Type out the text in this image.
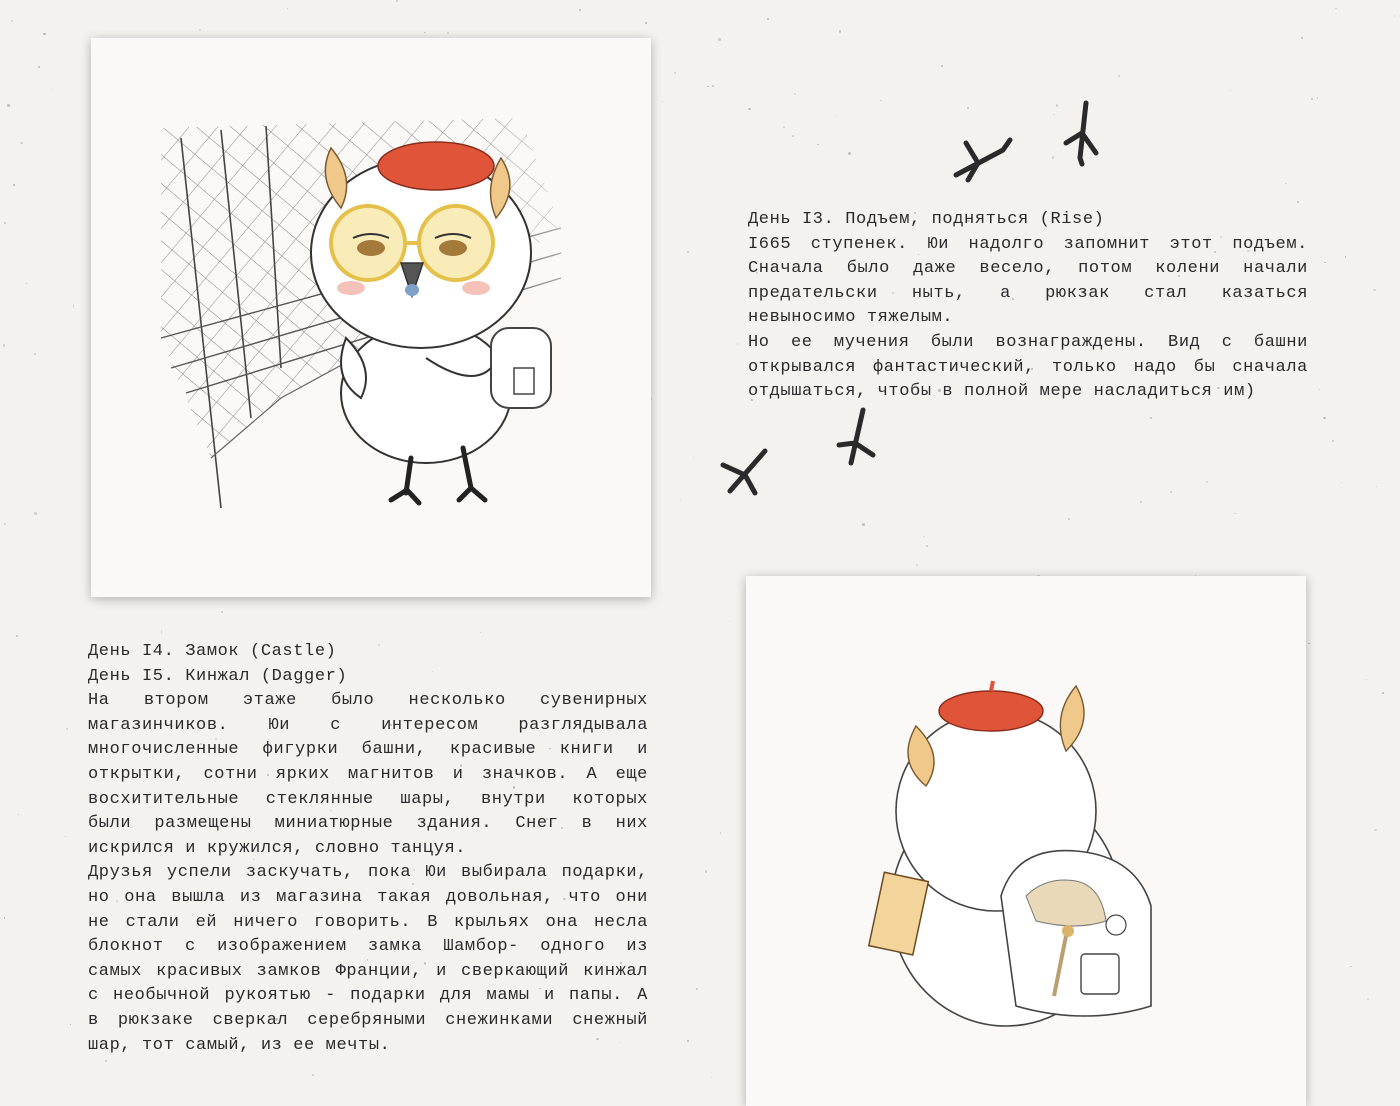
День I3. Подъем, подняться (Rise)
I665 ступенек. Юи надолго запомнит этот подъем.
Сначала было даже весело, потом колени начали
предательски ныть, а рюкзак стал казаться
невыносимо тяжелым.
Но ее мучения были вознаграждены. Вид с башни
открывался фантастический, только надо бы сначала
отдышаться, чтобы в полной мере насладиться им)
День I4. Замок (Castle)
День I5. Кинжал (Dagger)
На втором этаже было несколько сувенирных
магазинчиков. Юи с интересом разглядывала
многочисленные фигурки башни, красивые книги и
открытки, сотни ярких магнитов и значков. А еще
восхитительные стеклянные шары, внутри которых
были размещены миниатюрные здания. Снег в них
искрился и кружился, словно танцуя.
Друзья успели заскучать, пока Юи выбирала подарки,
но она вышла из магазина такая довольная, что они
не стали ей ничего говорить. В крыльях она несла
блокнот с изображением замка Шамбор- одного из
самых красивых замков Франции, и сверкающий кинжал
с необычной рукоятью - подарки для мамы и папы. А
в рюкзаке сверкал серебряными снежинками снежный
шар, тот самый, из ее мечты.
